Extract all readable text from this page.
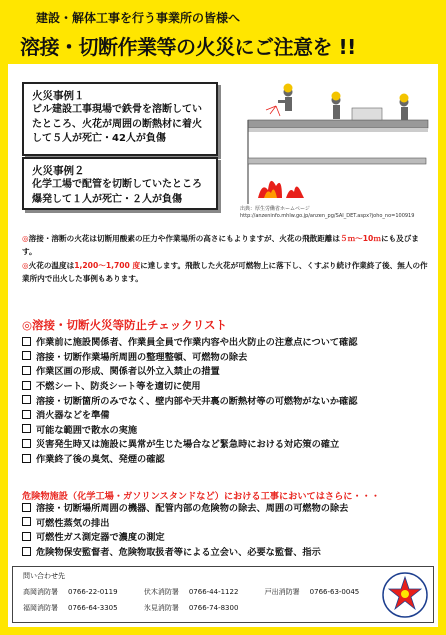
建設・解体工事を行う事業所の皆様へ
溶接・切断作業等の火災にご注意を !!
火災事例１
ビル建設工事現場で鉄骨を溶断していたところ、火花が周囲の断熱材に着火して５人が死亡・42人が負傷
火災事例２
化学工場で配管を切断していたところ爆発して１人が死亡・２人が負傷
出典：厚生労働省ホームページ
http://anzeninfo.mhlw.go.jp/anzen_pg/SAI_DET.aspx?joho_no=100919
◎溶接・溶断の火花は切断用酸素の圧力や作業場所の高さにもよりますが、火花の飛散距離は５ｍ〜10ｍにも及びます。
◎火花の温度は1,200〜1,700 度に達します。飛散した火花が可燃物上に落下し、くすぶり続け作業終了後、無人の作業所内で出火した事例もあります。
◎溶接・切断火災等防止チェックリスト
作業前に施設関係者、作業員全員で作業内容や出火防止の注意点について確認
溶接・切断作業場所周囲の整理整頓、可燃物の除去
作業区画の形成、関係者以外立入禁止の措置
不燃シート、防炎シート等を適切に使用
溶接・切断箇所のみでなく、壁内部や天井裏の断熱材等の可燃物がないか確認
消火器などを準備
可能な範囲で散水の実施
災害発生時又は施設に異常が生じた場合など緊急時における対応策の確立
作業終了後の臭気、発煙の確認
危険物施設（化学工場・ガソリンスタンドなど）における工事においてはさらに・・・
溶接・切断場所周囲の機器、配管内部の危険物の除去、周囲の可燃物の除去
可燃性蒸気の排出
可燃性ガス測定器で濃度の測定
危険物保安監督者、危険物取扱者等による立会い、必要な監督、指示
問い合わせ先
高岡消防署 0766-22-0119	伏木消防署 0766-44-1122	戸出消防署 0766-63-0045
福岡消防署 0766-64-3305	氷見消防署 0766-74-8300
